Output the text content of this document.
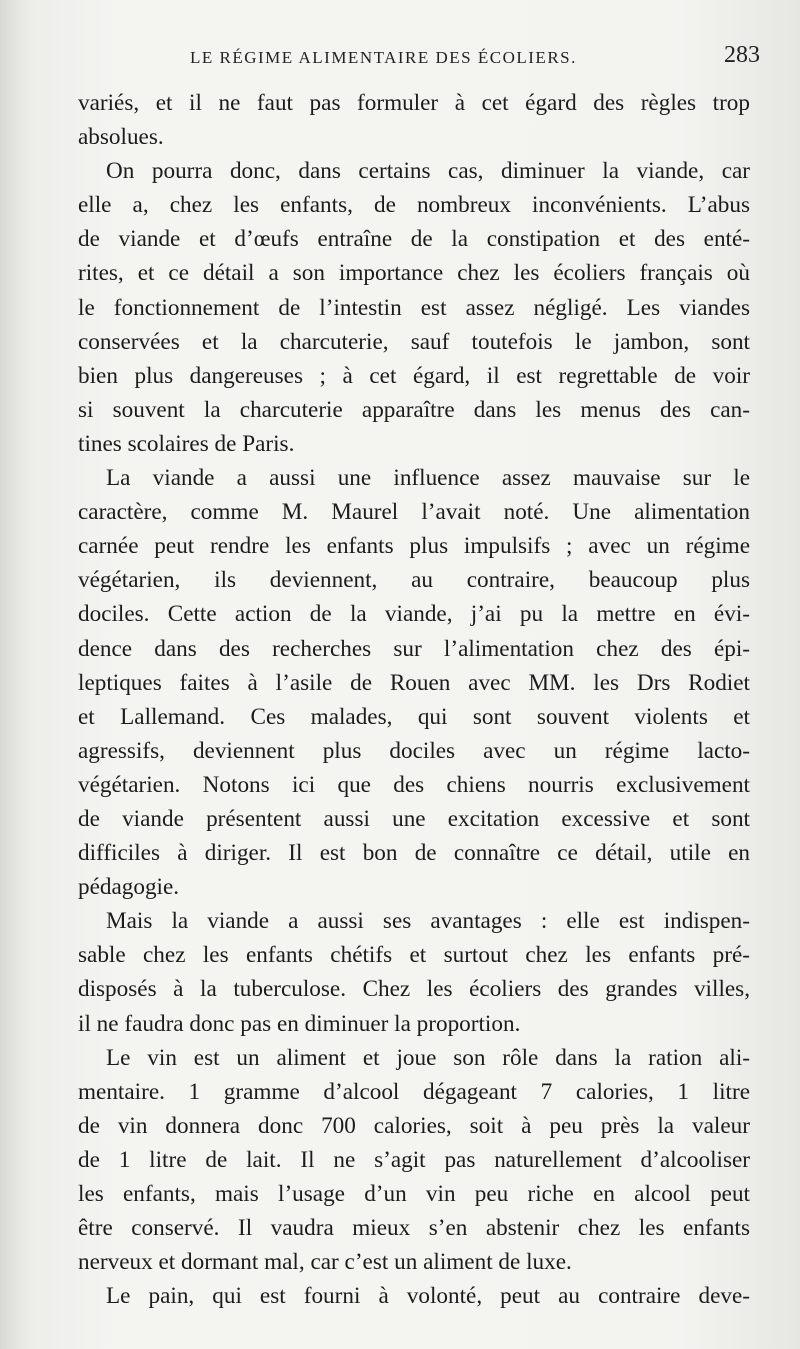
LE RÉGIME ALIMENTAIRE DES ÉCOLIERS.	283
variés, et il ne faut pas formuler à cet égard des règles trop
absolues.
On pourra donc, dans certains cas, diminuer la viande, car
elle a, chez les enfants, de nombreux inconvénients. L’abus
de viande et d’œufs entraîne de la constipation et des enté-
rites, et ce détail a son importance chez les écoliers français où
le fonctionnement de l’intestin est assez négligé. Les viandes
conservées et la charcuterie, sauf toutefois le jambon, sont
bien plus dangereuses ; à cet égard, il est regrettable de voir
si souvent la charcuterie apparaître dans les menus des can-
tines scolaires de Paris.
La viande a aussi une influence assez mauvaise sur le
caractère, comme M. Maurel l’avait noté. Une alimentation
carnée peut rendre les enfants plus impulsifs ; avec un régime
végétarien, ils deviennent, au contraire, beaucoup plus
dociles. Cette action de la viande, j’ai pu la mettre en évi-
dence dans des recherches sur l’alimentation chez des épi-
leptiques faites à l’asile de Rouen avec MM. les Drs Rodiet
et Lallemand. Ces malades, qui sont souvent violents et
agressifs, deviennent plus dociles avec un régime lacto-
végétarien. Notons ici que des chiens nourris exclusivement
de viande présentent aussi une excitation excessive et sont
difficiles à diriger. Il est bon de connaître ce détail, utile en
pédagogie.
Mais la viande a aussi ses avantages : elle est indispen-
sable chez les enfants chétifs et surtout chez les enfants pré-
disposés à la tuberculose. Chez les écoliers des grandes villes,
il ne faudra donc pas en diminuer la proportion.
Le vin est un aliment et joue son rôle dans la ration ali-
mentaire. 1 gramme d’alcool dégageant 7 calories, 1 litre
de vin donnera donc 700 calories, soit à peu près la valeur
de 1 litre de lait. Il ne s’agit pas naturellement d’alcooliser
les enfants, mais l’usage d’un vin peu riche en alcool peut
être conservé. Il vaudra mieux s’en abstenir chez les enfants
nerveux et dormant mal, car c’est un aliment de luxe.
Le pain, qui est fourni à volonté, peut au contraire deve-
